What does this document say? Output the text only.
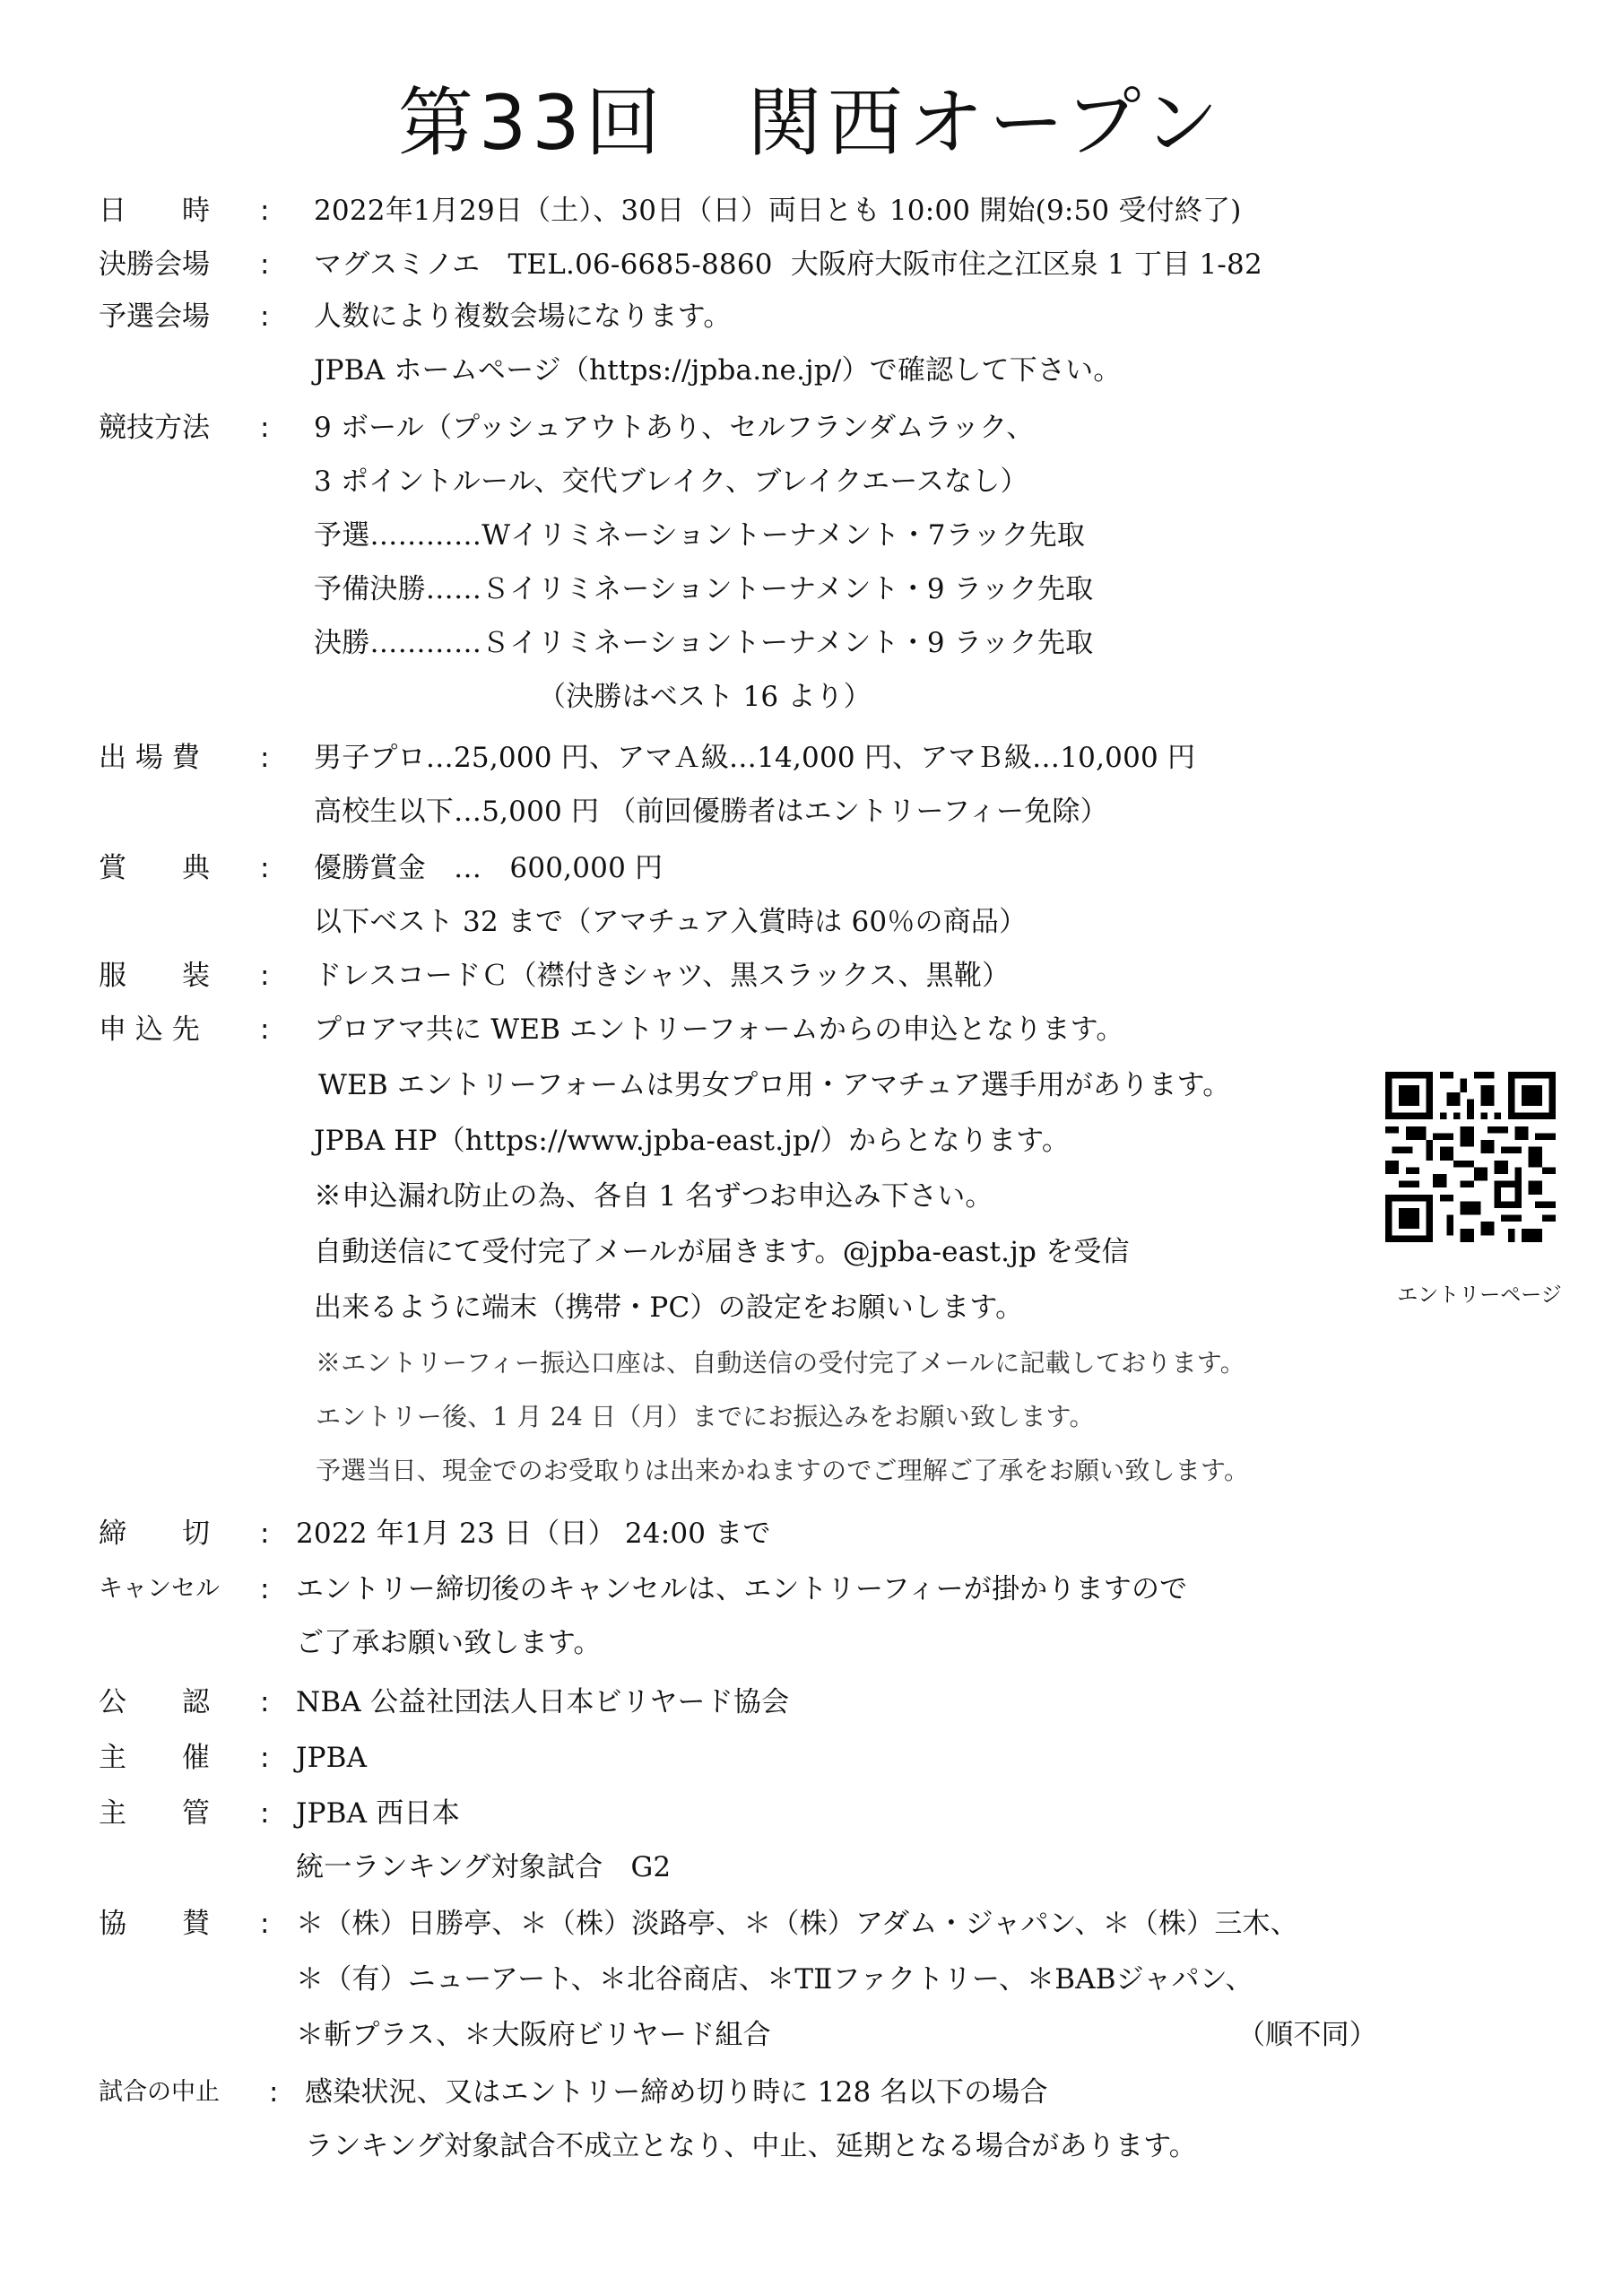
第33回　関西オープン
日　　時	: 2022年1月29日（土）、30日（日）両日とも 10:00 開始(9:50 受付終了)
決勝会場	: マグスミノエ　TEL.06-6685-8860  大阪府大阪市住之江区泉 1 丁目 1-82
予選会場	: 人数により複数会場になります。
JPBA ホームページ（https://jpba.ne.jp/）で確認して下さい。
競技方法	: 9 ボール（プッシュアウトあり、セルフランダムラック、
3 ポイントルール、交代ブレイク、ブレイクエースなし）
予選…………Wイリミネーショントーナメント・7ラック先取
予備決勝……Ｓイリミネーショントーナメント・9 ラック先取
決勝…………Ｓイリミネーショントーナメント・9 ラック先取
（決勝はベスト 16 より）
出 場 費	: 男子プロ…25,000 円、アマＡ級…14,000 円、アマＢ級…10,000 円
高校生以下…5,000 円 （前回優勝者はエントリーフィー免除）
賞　　典	: 優勝賞金　…　600,000 円
以下ベスト 32 まで（アマチュア入賞時は 60％の商品）
服　　装	: ドレスコードＣ（襟付きシャツ、黒スラックス、黒靴）
申 込 先	: プロアマ共に WEB エントリーフォームからの申込となります。
WEB エントリーフォームは男女プロ用・アマチュア選手用があります。
JPBA HP（https://www.jpba-east.jp/）からとなります。
※申込漏れ防止の為、各自 1 名ずつお申込み下さい。
自動送信にて受付完了メールが届きます。@jpba-east.jp を受信
出来るように端末（携帯・PC）の設定をお願いします。	エントリーページ
※エントリーフィー振込口座は、自動送信の受付完了メールに記載しております。
エントリー後、1 月 24 日（月）までにお振込みをお願い致します。
予選当日、現金でのお受取りは出来かねますのでご理解ご了承をお願い致します。
締　　切	: 2022 年1月 23 日（日） 24:00 まで
キャンセル	: エントリー締切後のキャンセルは、エントリーフィーが掛かりますので
ご了承お願い致します。
公　　認	: NBA 公益社団法人日本ビリヤード協会
主　　催	: JPBA
主　　管	: JPBA 西日本
統一ランキング対象試合　G2
協　　賛	: ＊（株）日勝亭、＊（株）淡路亭、＊（株）アダム・ジャパン、＊（株）三木、
＊（有）ニューアート、＊北谷商店、＊TⅡファクトリー、＊BABジャパン、
＊斬プラス、＊大阪府ビリヤード組合	（順不同）
試合の中止	: 感染状況、又はエントリー締め切り時に 128 名以下の場合
ランキング対象試合不成立となり、中止、延期となる場合があります。
